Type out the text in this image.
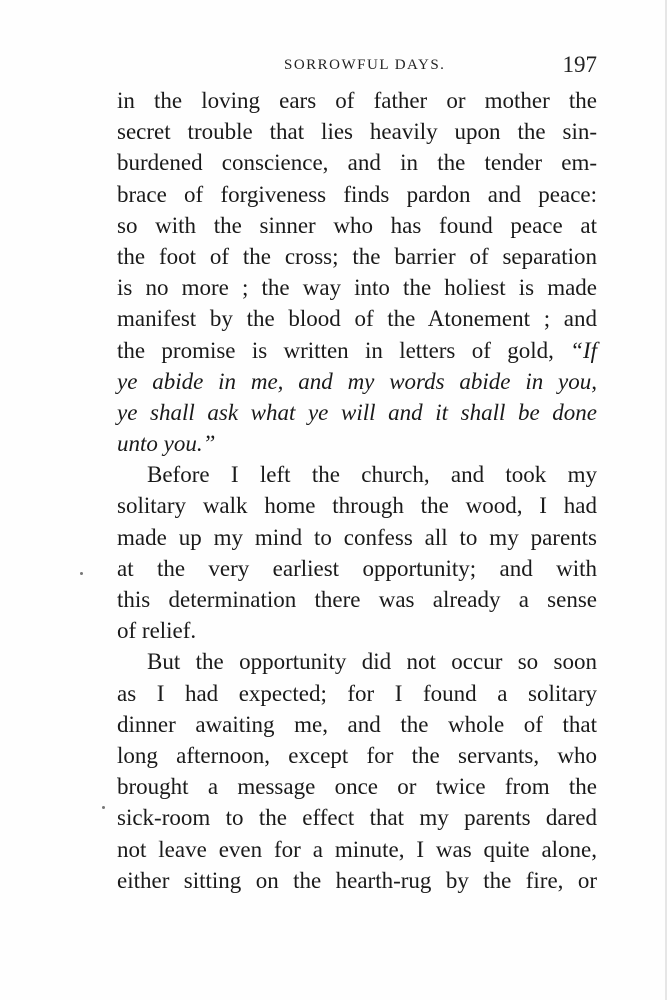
SORROWFUL DAYS.	197
in the loving ears of father or mother the
secret trouble that lies heavily upon the sin-
burdened conscience, and in the tender em-
brace of forgiveness finds pardon and peace:
so with the sinner who has found peace at
the foot of the cross; the barrier of separation
is no more ; the way into the holiest is made
manifest by the blood of the Atonement ; and
the promise is written in letters of gold, “If
ye abide in me, and my words abide in you,
ye shall ask what ye will and it shall be done
unto you.”
Before I left the church, and took my
solitary walk home through the wood, I had
made up my mind to confess all to my parents
at the very earliest opportunity; and with
this determination there was already a sense
of relief.
But the opportunity did not occur so soon
as I had expected; for I found a solitary
dinner awaiting me, and the whole of that
long afternoon, except for the servants, who
brought a message once or twice from the
sick-room to the effect that my parents dared
not leave even for a minute, I was quite alone,
either sitting on the hearth-rug by the fire, or
